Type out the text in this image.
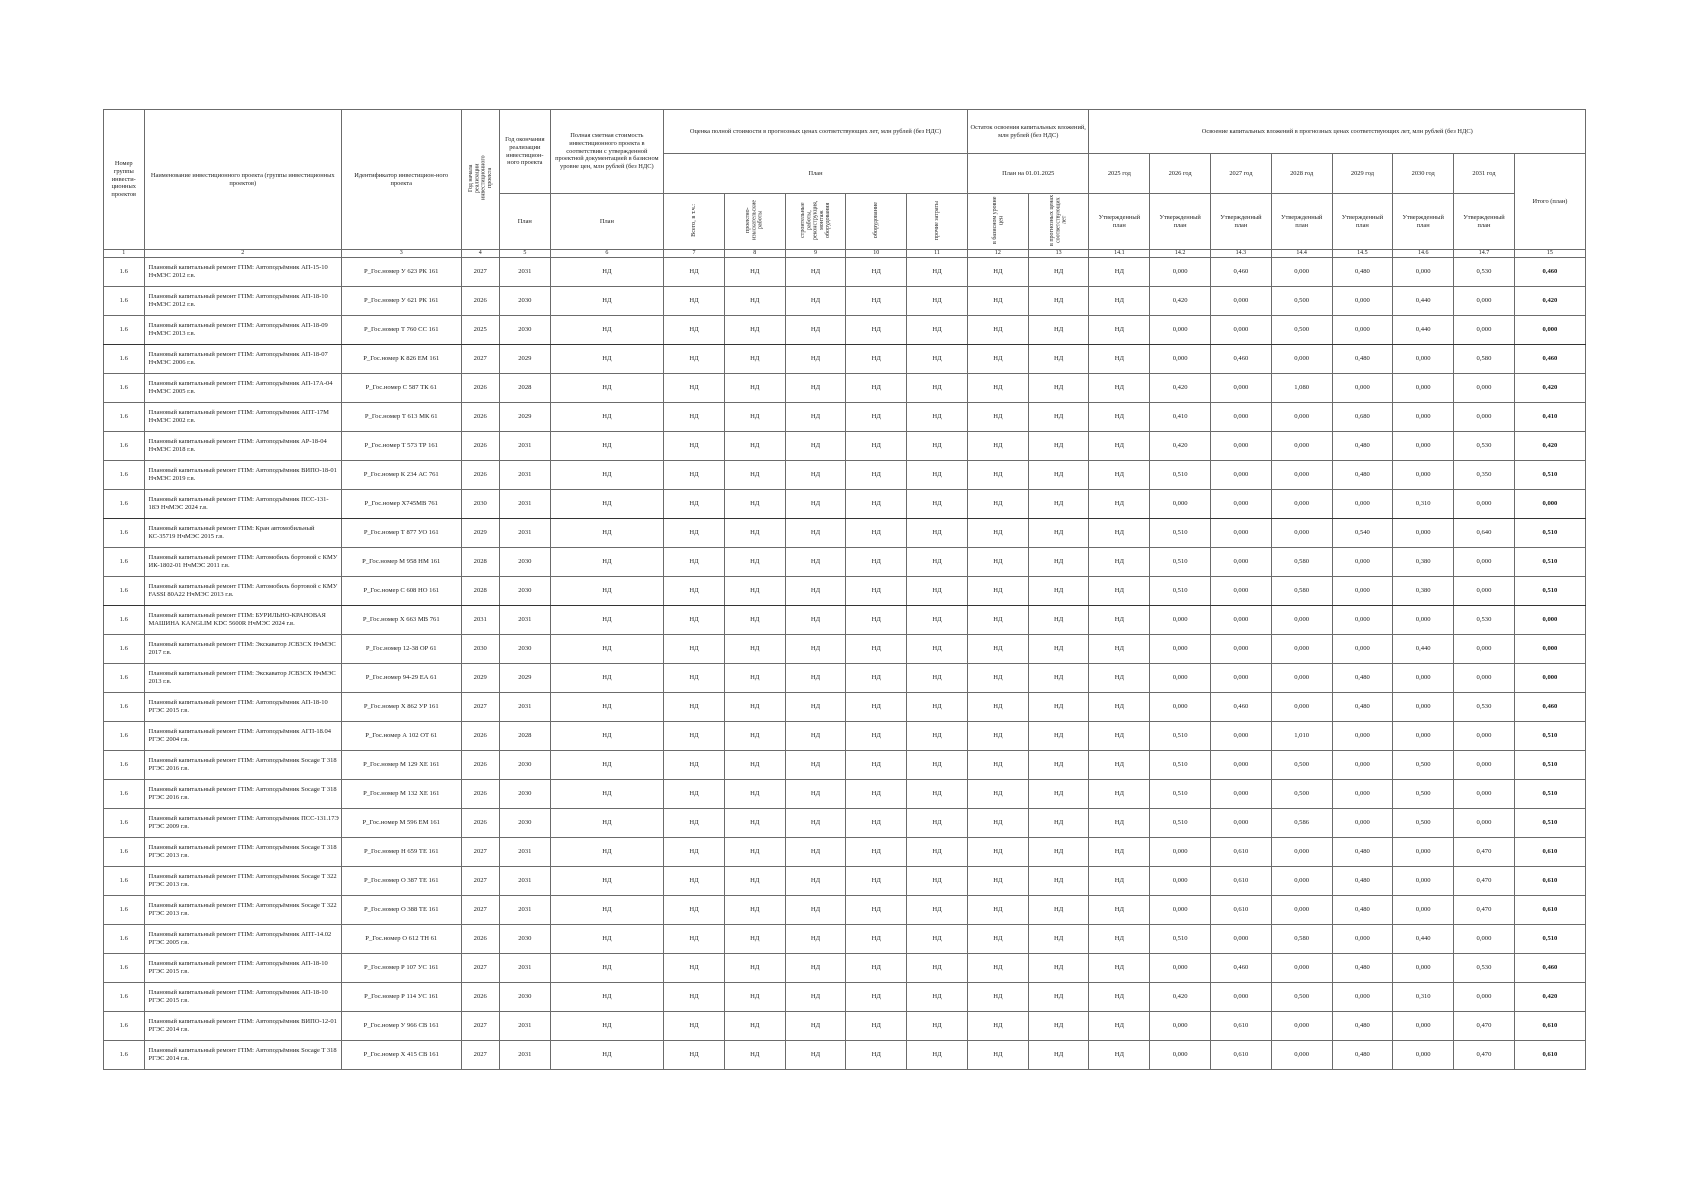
Номер группы инвести-ционных проектов	Наименование инвестиционного проекта (группы инвестиционных проектов)	Идентификатор инвестицион-ного проекта	Год начала реализации инвестиционного проекта	Год окончания реализации инвестицион-ного проекта	Полная сметная стоимость инвестиционного проекта в соответствии с утвержденной проектной документацией в базисном уровне цен, млн рублей (без НДС)	Оценка полной стоимости в прогнозных ценах соответствующих лет, млн рублей (без НДС)					Остаток освоения капитальных вложений, млн рублей (без НДС)		Освоение капитальных вложений в прогнозных ценах соответствующих лет, млн рублей (без НДС)							
						План					План на 01.01.2025		2025 год	2026 год	2027 год	2028 год	2029 год	2030 год	2031 год	Итого (план)
				План	План	Всего, в т.ч.:	проектно-изыскательские работы	строительные работы, реконструкция, монтаж оборудования	оборудование	прочие затраты	в базисном уровне цен	в прогнозных ценах соответствующих лет	Утвержденный план	Утвержденный план	Утвержденный план	Утвержденный план	Утвержденный план	Утвержденный план	Утвержденный план	
1	2	3	4	5	6	7	8	9	10	11	12	13	14.1	14.2	14.3	14.4	14.5	14.6	14.7	15
1.6	Плановый капитальный ремонт ГПМ: Автоподъёмник АП-15-10 НчМЭС 2012 г.в.	P_Гос.номер У 623 РК 161	2027	2031	НД	НД	НД	НД	НД	НД	НД	НД	НД	0,000	0,460	0,000	0,480	0,000	0,530	0,460
1.6	Плановый капитальный ремонт ГПМ: Автоподъёмник АП-18-10 НчМЭС 2012 г.в.	P_Гос.номер У 621 РК 161	2026	2030	НД	НД	НД	НД	НД	НД	НД	НД	НД	0,420	0,000	0,500	0,000	0,440	0,000	0,420
1.6	Плановый капитальный ремонт ГПМ: Автоподъёмник АП-18-09 НчМЭС 2013 г.в.	P_Гос.номер Т 760 СС 161	2025	2030	НД	НД	НД	НД	НД	НД	НД	НД	НД	0,000	0,000	0,500	0,000	0,440	0,000	0,000
1.6	Плановый капитальный ремонт ГПМ: Автоподъёмник АП-18-07 НчМЭС 2006 г.в.	P_Гос.номер К 826 ЕМ 161	2027	2029	НД	НД	НД	НД	НД	НД	НД	НД	НД	0,000	0,460	0,000	0,480	0,000	0,580	0,460
1.6	Плановый капитальный ремонт ГПМ: Автоподъёмник АП-17А-04 НчМЭС 2005 г.в.	P_Гос.номер С 587 ТК 61	2026	2028	НД	НД	НД	НД	НД	НД	НД	НД	НД	0,420	0,000	1,080	0,000	0,000	0,000	0,420
1.6	Плановый капитальный ремонт ГПМ: Автоподъёмник АПТ-17М НчМЭС 2002 г.в.	P_Гос.номер Т 613 МК 61	2026	2029	НД	НД	НД	НД	НД	НД	НД	НД	НД	0,410	0,000	0,000	0,680	0,000	0,000	0,410
1.6	Плановый капитальный ремонт ГПМ: Автоподъёмник АР-18-04 НчМЭС 2018 г.в.	P_Гос.номер Т 573 ТР 161	2026	2031	НД	НД	НД	НД	НД	НД	НД	НД	НД	0,420	0,000	0,000	0,480	0,000	0,530	0,420
1.6	Плановый капитальный ремонт ГПМ: Автоподъёмник ВИПО-18-01 НчМЭС 2019 г.в.	P_Гос.номер К 234 АС 761	2026	2031	НД	НД	НД	НД	НД	НД	НД	НД	НД	0,510	0,000	0,000	0,480	0,000	0,350	0,510
1.6	Плановый капитальный ремонт ГПМ: Автоподъёмник ПСС-131-18Э НчМЭС 2024 г.в.	P_Гос.номер Х745МВ 761	2030	2031	НД	НД	НД	НД	НД	НД	НД	НД	НД	0,000	0,000	0,000	0,000	0,310	0,000	0,000
1.6	Плановый капитальный ремонт ГПМ: Кран автомобильный КС-35719 НчМЭС 2015 г.в.	P_Гос.номер Т 877 УО 161	2029	2031	НД	НД	НД	НД	НД	НД	НД	НД	НД	0,510	0,000	0,000	0,540	0,000	0,640	0,510
1.6	Плановый капитальный ремонт ГПМ: Автомобиль бортовой с КМУ ИК-1802-01 НчМЭС 2011 г.в.	P_Гос.номер М 958 НМ 161	2028	2030	НД	НД	НД	НД	НД	НД	НД	НД	НД	0,510	0,000	0,580	0,000	0,380	0,000	0,510
1.6	Плановый капитальный ремонт ГПМ: Автомобиль бортовой с КМУ FASSI 80А22 НчМЭС 2013 г.в.	P_Гос.номер С 608 НО 161	2028	2030	НД	НД	НД	НД	НД	НД	НД	НД	НД	0,510	0,000	0,580	0,000	0,380	0,000	0,510
1.6	Плановый капитальный ремонт ГПМ: БУРИЛЬНО-КРАНОВАЯ МАШИНА KANGLIM KDC 5600R НчМЭС 2024 г.в.	P_Гос.номер Х 663 МВ 761	2031	2031	НД	НД	НД	НД	НД	НД	НД	НД	НД	0,000	0,000	0,000	0,000	0,000	0,530	0,000
1.6	Плановый капитальный ремонт ГПМ: Экскаватор JCB3CX НчМЭС 2017 г.в.	P_Гос.номер 12-38 ОР 61	2030	2030	НД	НД	НД	НД	НД	НД	НД	НД	НД	0,000	0,000	0,000	0,000	0,440	0,000	0,000
1.6	Плановый капитальный ремонт ГПМ: Экскаватор JCB3CX НчМЭС 2013 г.в.	P_Гос.номер 94-29 ЕА 61	2029	2029	НД	НД	НД	НД	НД	НД	НД	НД	НД	0,000	0,000	0,000	0,480	0,000	0,000	0,000
1.6	Плановый капитальный ремонт ГПМ: Автоподъёмник АП-18-10 РГЭС 2015 г.в.	P_Гос.номер Х 862 УР 161	2027	2031	НД	НД	НД	НД	НД	НД	НД	НД	НД	0,000	0,460	0,000	0,480	0,000	0,530	0,460
1.6	Плановый капитальный ремонт ГПМ: Автоподъёмник АГП-18.04 РГЭС 2004 г.в.	P_Гос.номер А 102 ОТ 61	2026	2028	НД	НД	НД	НД	НД	НД	НД	НД	НД	0,510	0,000	1,010	0,000	0,000	0,000	0,510
1.6	Плановый капитальный ремонт ГПМ: Автоподъёмник Socage T 318 РГЭС 2016 г.в.	P_Гос.номер М 129 ХЕ 161	2026	2030	НД	НД	НД	НД	НД	НД	НД	НД	НД	0,510	0,000	0,500	0,000	0,500	0,000	0,510
1.6	Плановый капитальный ремонт ГПМ: Автоподъёмник Socage T 318 РГЭС 2016 г.в.	P_Гос.номер М 132 ХЕ 161	2026	2030	НД	НД	НД	НД	НД	НД	НД	НД	НД	0,510	0,000	0,500	0,000	0,500	0,000	0,510
1.6	Плановый капитальный ремонт ГПМ: Автоподъёмник ПСС-131.17Э РГЭС 2009 г.в.	P_Гос.номер М 596 ЕМ 161	2026	2030	НД	НД	НД	НД	НД	НД	НД	НД	НД	0,510	0,000	0,586	0,000	0,500	0,000	0,510
1.6	Плановый капитальный ремонт ГПМ: Автоподъёмник Socage T 318 РГЭС 2013 г.в.	P_Гос.номер Н 659 ТЕ 161	2027	2031	НД	НД	НД	НД	НД	НД	НД	НД	НД	0,000	0,610	0,000	0,480	0,000	0,470	0,610
1.6	Плановый капитальный ремонт ГПМ: Автоподъёмник Socage T 322 РГЭС 2013 г.в.	P_Гос.номер О 387 ТЕ 161	2027	2031	НД	НД	НД	НД	НД	НД	НД	НД	НД	0,000	0,610	0,000	0,480	0,000	0,470	0,610
1.6	Плановый капитальный ремонт ГПМ: Автоподъёмник Socage T 322 РГЭС 2013 г.в.	P_Гос.номер О 388 ТЕ 161	2027	2031	НД	НД	НД	НД	НД	НД	НД	НД	НД	0,000	0,610	0,000	0,480	0,000	0,470	0,610
1.6	Плановый капитальный ремонт ГПМ: Автоподъёмник АПТ-14.02 РГЭС 2005 г.в.	P_Гос.номер О 612 ТН 61	2026	2030	НД	НД	НД	НД	НД	НД	НД	НД	НД	0,510	0,000	0,580	0,000	0,440	0,000	0,510
1.6	Плановый капитальный ремонт ГПМ: Автоподъёмник АП-18-10 РГЭС 2015 г.в.	P_Гос.номер Р 107 УС 161	2027	2031	НД	НД	НД	НД	НД	НД	НД	НД	НД	0,000	0,460	0,000	0,480	0,000	0,530	0,460
1.6	Плановый капитальный ремонт ГПМ: Автоподъёмник АП-18-10 РГЭС 2015 г.в.	P_Гос.номер Р 114 УС 161	2026	2030	НД	НД	НД	НД	НД	НД	НД	НД	НД	0,420	0,000	0,500	0,000	0,310	0,000	0,420
1.6	Плановый капитальный ремонт ГПМ: Автоподъёмник ВИПО-12-01 РГЭС 2014 г.в.	P_Гос.номер У 966 СВ 161	2027	2031	НД	НД	НД	НД	НД	НД	НД	НД	НД	0,000	0,610	0,000	0,480	0,000	0,470	0,610
1.6	Плановый капитальный ремонт ГПМ: Автоподъёмник Socage T 318 РГЭС 2014 г.в.	P_Гос.номер Х 415 СВ 161	2027	2031	НД	НД	НД	НД	НД	НД	НД	НД	НД	0,000	0,610	0,000	0,480	0,000	0,470	0,610
